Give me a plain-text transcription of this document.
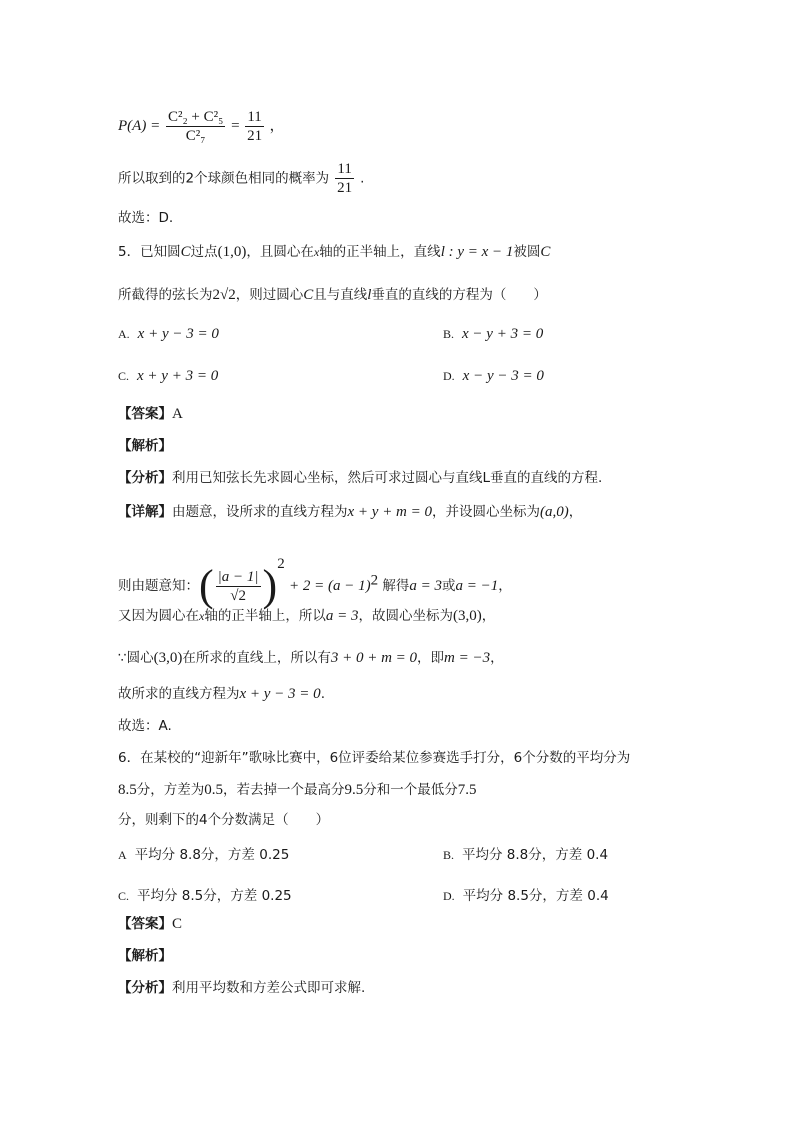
$P(A) = \frac{\text{C²₂ + C²₅}}{\text{C²₇}} = \frac{11}{21}$ ，
所以取到的2个球颜色相同的概率为 $\frac{11}{21}$ .
故选：D.
5．已知圆C过点(1,0)，且圆心在x轴的正半轴上，直线l : y = x − 1被圆C
所截得的弦长为2√2，则过圆心C且与直线l垂直的直线的方程为（　　）
A. x + y − 3 = 0	B. x − y + 3 = 0
C. x + y + 3 = 0	D. x − y − 3 = 0
【答案】A
【解析】
【分析】利用已知弦长先求圆心坐标，然后可求过圆心与直线L垂直的直线的方程.
【详解】由题意，设所求的直线方程为x + y + m = 0，并设圆心坐标为(a,0)，
则由题意知：( $\frac{|a - 1|}{√2} )^2 + 2 = (a - 1)^2$ 解得a = 3或a = −1，
又因为圆心在x轴的正半轴上，所以a = 3，故圆心坐标为(3,0)，
∵圆心(3,0)在所求的直线上，所以有3 + 0 + m = 0，即m = −3，
故所求的直线方程为x + y − 3 = 0.
故选：A.
6．在某校的“迎新年”歌咏比赛中，6位评委给某位参赛选手打分，6个分数的平均分为
8.5分，方差为0.5，若去掉一个最高分9.5分和一个最低分7.5
分，则剩下的4个分数满足（　　）
A 平均分 8.8分，方差 0.25	B. 平均分 8.8分，方差 0.4
C. 平均分 8.5分，方差 0.25	D. 平均分 8.5分，方差 0.4
【答案】C
【解析】
【分析】利用平均数和方差公式即可求解.
